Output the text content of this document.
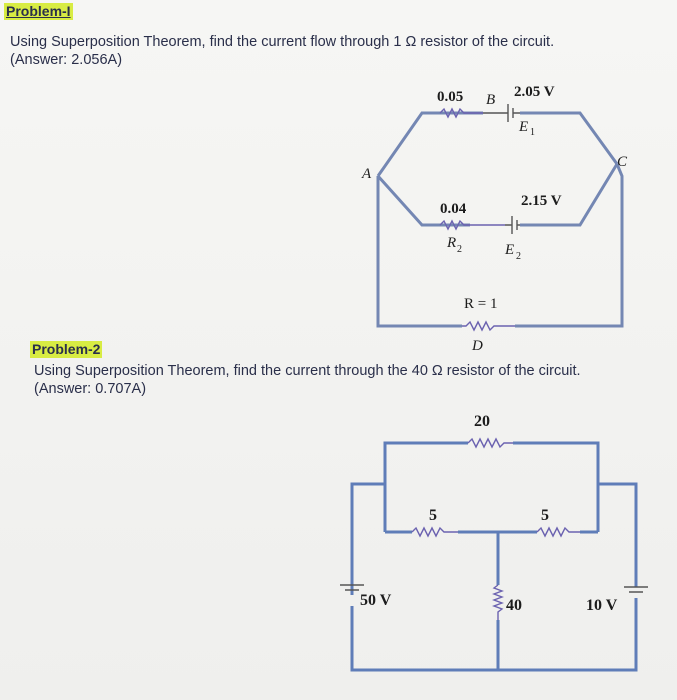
Problem-I
Using Superposition Theorem, find the current flow through 1 Ω resistor of the circuit.
(Answer: 2.056A)
0.05 B 2.05 V
E 1
A
C
0.04	2.15 V
R 2	E 2
R = 1
D
Problem-2
Using Superposition Theorem, find the current through the 40 Ω resistor of the circuit.
(Answer: 0.707A)
20
5	5
40
50 V	10 V
